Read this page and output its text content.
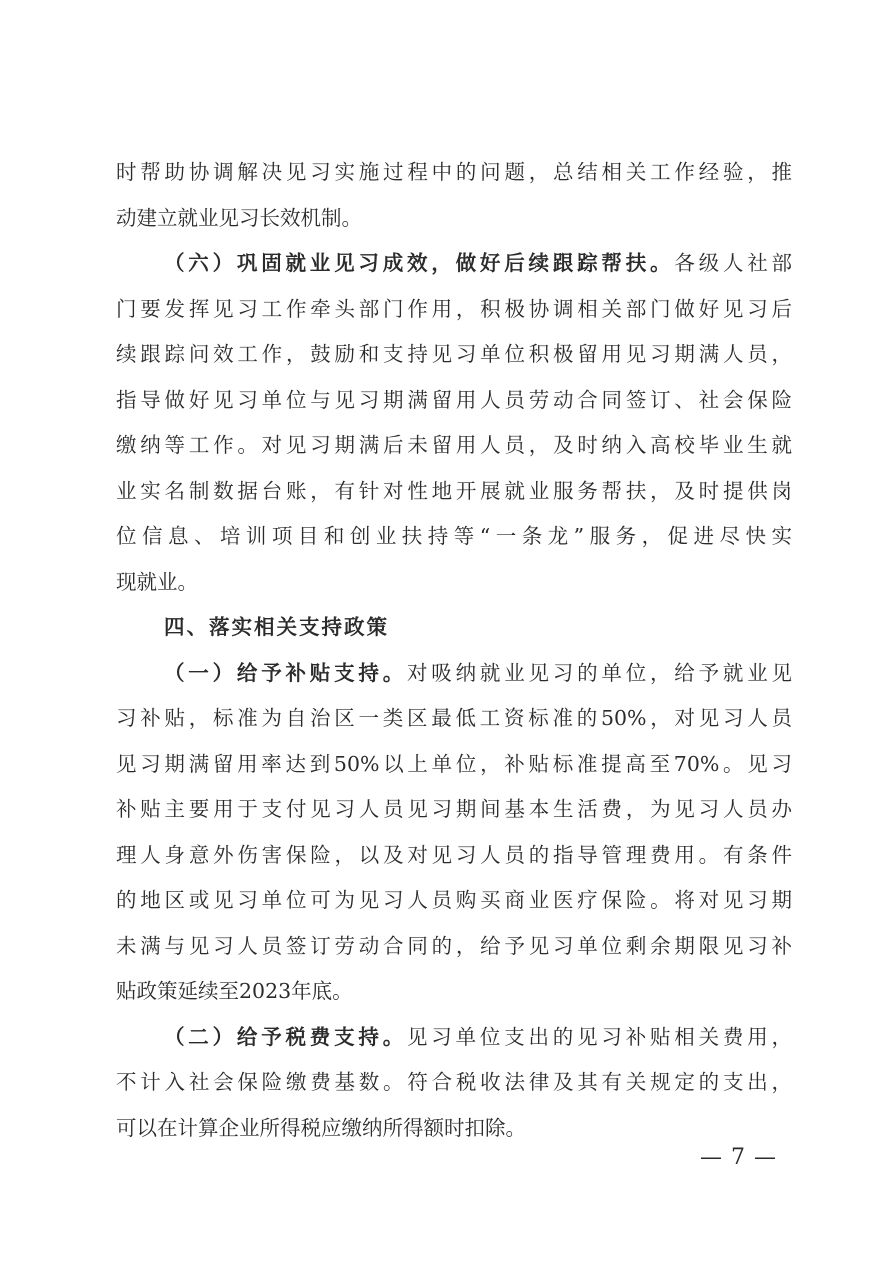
时帮助协调解决见习实施过程中的问题，总结相关工作经验，推
动建立就业见习长效机制。
（六）巩固就业见习成效，做好后续跟踪帮扶。各级人社部
门要发挥见习工作牵头部门作用，积极协调相关部门做好见习后
续跟踪问效工作，鼓励和支持见习单位积极留用见习期满人员，
指导做好见习单位与见习期满留用人员劳动合同签订、社会保险
缴纳等工作。对见习期满后未留用人员，及时纳入高校毕业生就
业实名制数据台账，有针对性地开展就业服务帮扶，及时提供岗
位信息、培训项目和创业扶持等“一条龙”服务，促进尽快实
现就业。
四、落实相关支持政策
（一）给予补贴支持。对吸纳就业见习的单位，给予就业见
习补贴，标准为自治区一类区最低工资标准的50%，对见习人员
见习期满留用率达到50%以上单位，补贴标准提高至70%。见习
补贴主要用于支付见习人员见习期间基本生活费，为见习人员办
理人身意外伤害保险，以及对见习人员的指导管理费用。有条件
的地区或见习单位可为见习人员购买商业医疗保险。将对见习期
未满与见习人员签订劳动合同的，给予见习单位剩余期限见习补
贴政策延续至2023年底。
（二）给予税费支持。见习单位支出的见习补贴相关费用，
不计入社会保险缴费基数。符合税收法律及其有关规定的支出，
可以在计算企业所得税应缴纳所得额时扣除。
— 7 —
